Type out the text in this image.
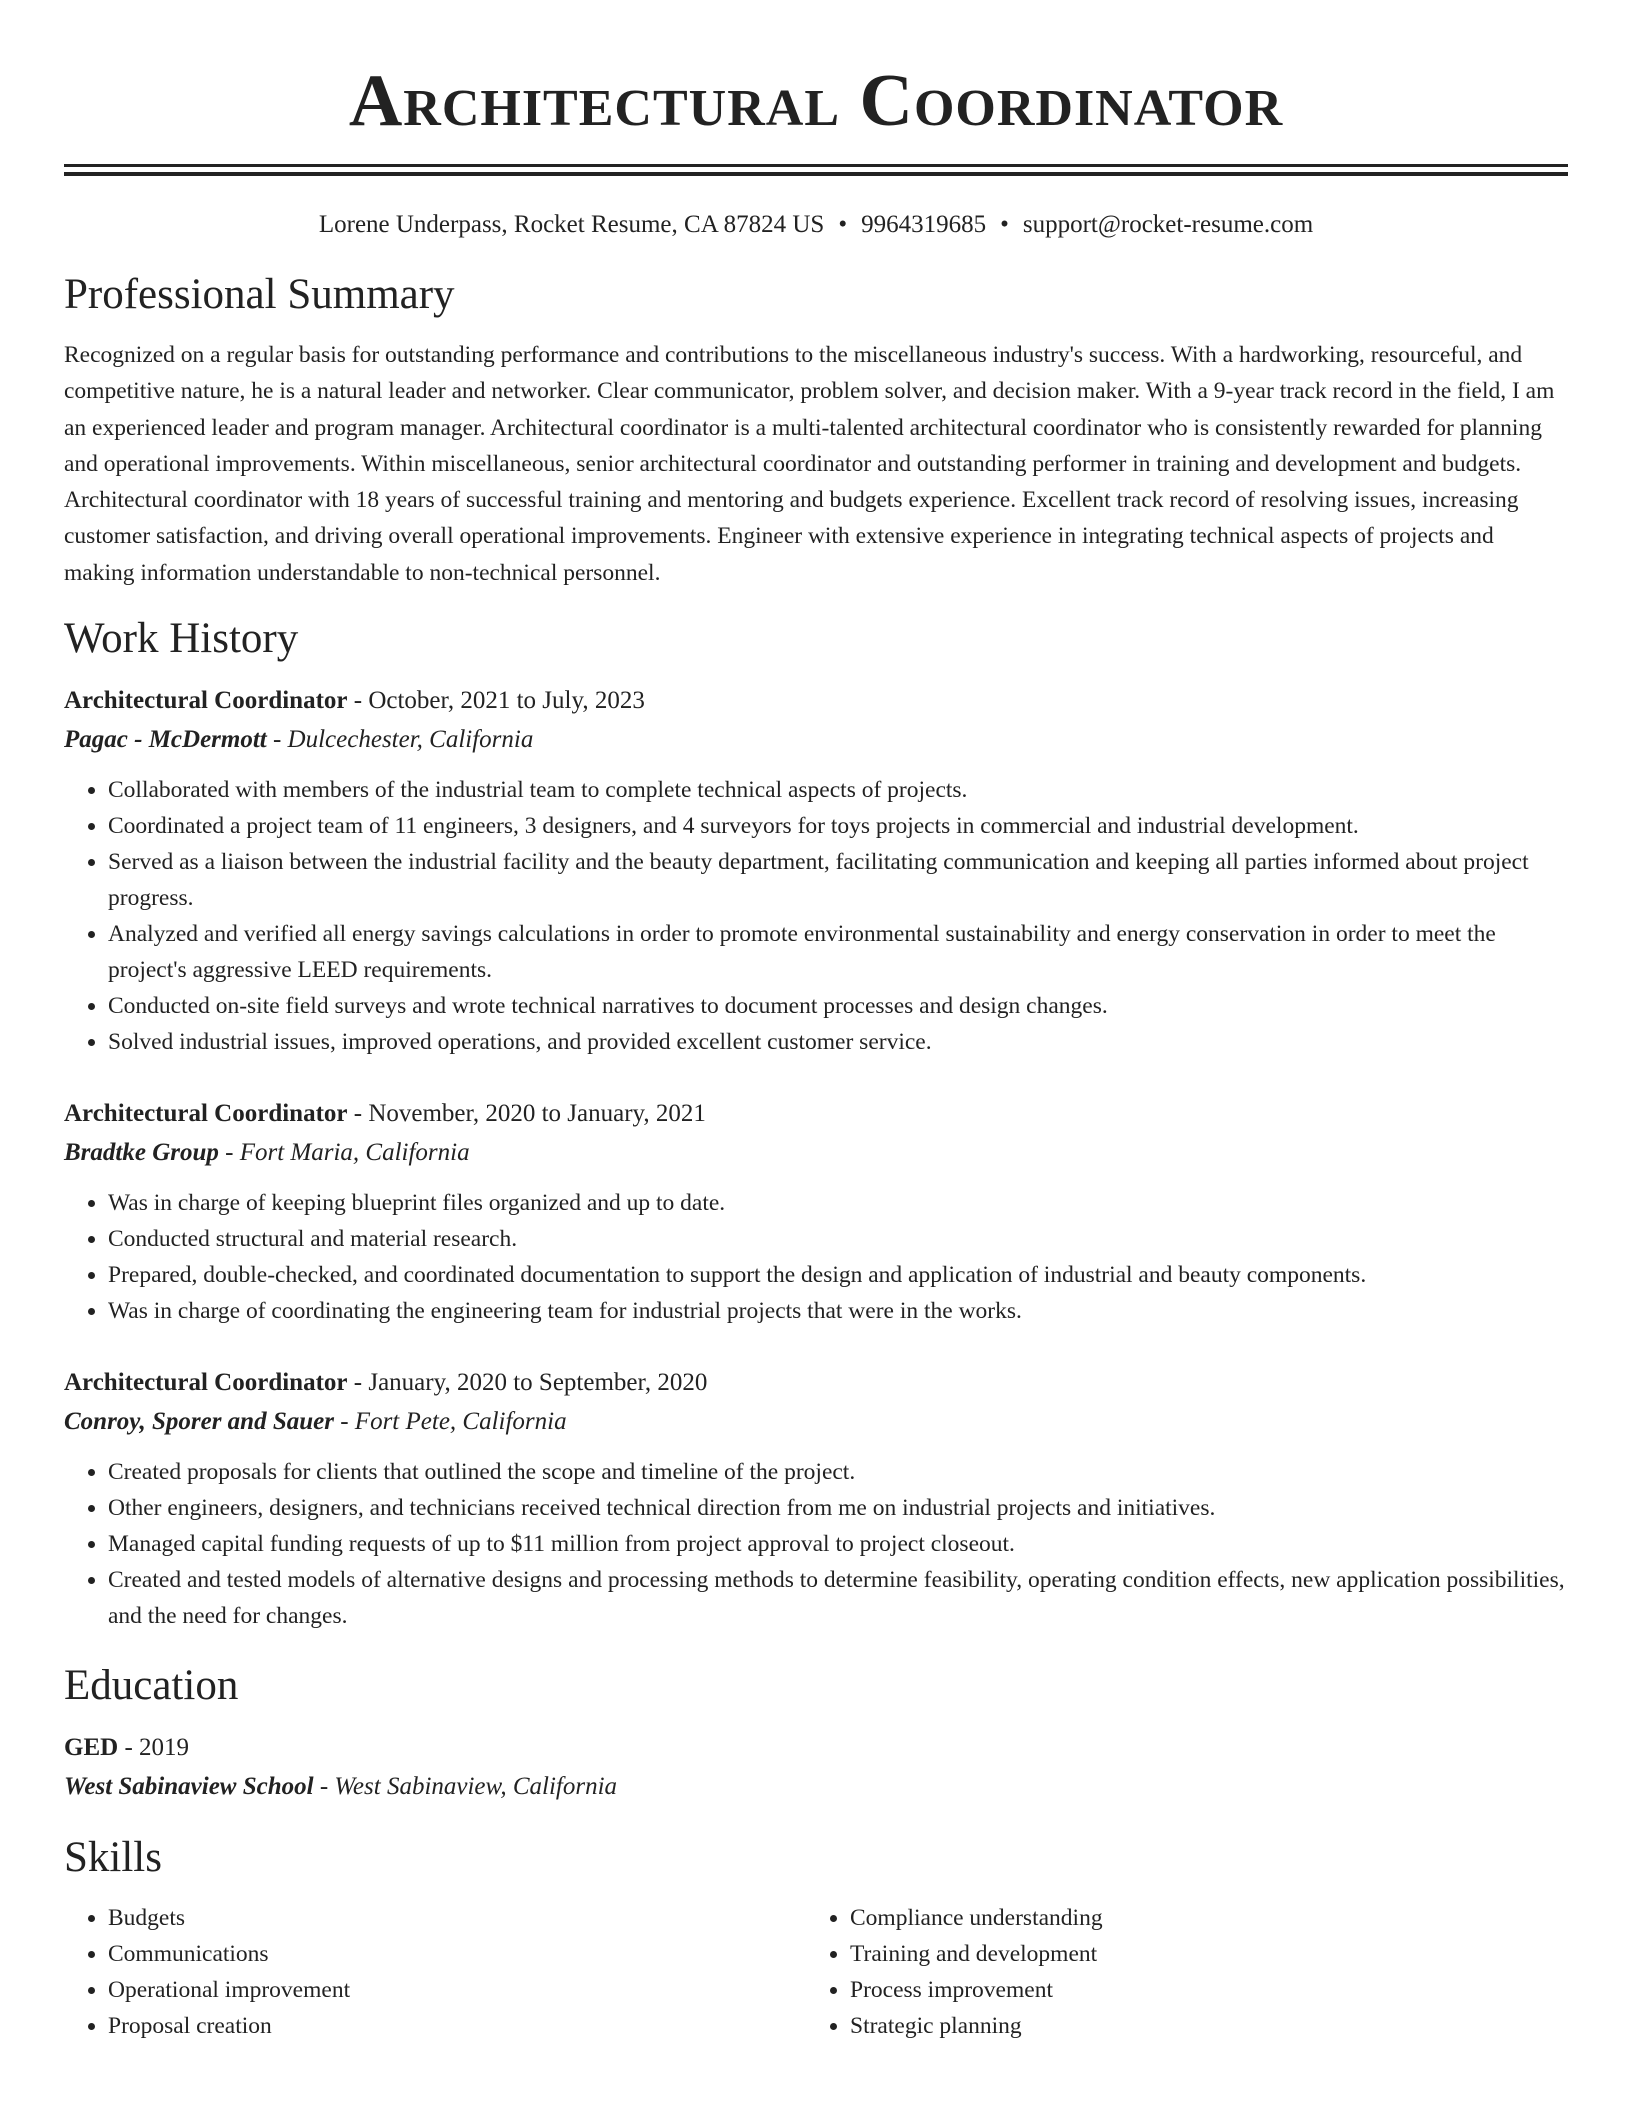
Architectural Coordinator
Lorene Underpass, Rocket Resume, CA 87824 US • 9964319685 • support@rocket-resume.com
Professional Summary

Recognized on a regular basis for outstanding performance and contributions to the miscellaneous industry's success. With a hardworking, resourceful, and competitive nature, he is a natural leader and networker. Clear communicator, problem solver, and decision maker. With a 9-year track record in the field, I am an experienced leader and program manager. Architectural coordinator is a multi-talented architectural coordinator who is consistently rewarded for planning and operational improvements. Within miscellaneous, senior architectural coordinator and outstanding performer in training and development and budgets. Architectural coordinator with 18 years of successful training and mentoring and budgets experience. Excellent track record of resolving issues, increasing customer satisfaction, and driving overall operational improvements. Engineer with extensive experience in integrating technical aspects of projects and making information understandable to non-technical personnel.

Work History
Architectural Coordinator - October, 2021 to July, 2023
Pagac - McDermott - Dulcechester, California
• Collaborated with members of the industrial team to complete technical aspects of projects.
• Coordinated a project team of 11 engineers, 3 designers, and 4 surveyors for toys projects in commercial and industrial development.
• Served as a liaison between the industrial facility and the beauty department, facilitating communication and keeping all parties informed about project progress.
• Analyzed and verified all energy savings calculations in order to promote environmental sustainability and energy conservation in order to meet the project's aggressive LEED requirements.
• Conducted on-site field surveys and wrote technical narratives to document processes and design changes.
• Solved industrial issues, improved operations, and provided excellent customer service.
Architectural Coordinator - November, 2020 to January, 2021
Bradtke Group - Fort Maria, California
• Was in charge of keeping blueprint files organized and up to date.
• Conducted structural and material research.
• Prepared, double-checked, and coordinated documentation to support the design and application of industrial and beauty components.
• Was in charge of coordinating the engineering team for industrial projects that were in the works.
Architectural Coordinator - January, 2020 to September, 2020
Conroy, Sporer and Sauer - Fort Pete, California
• Created proposals for clients that outlined the scope and timeline of the project.
• Other engineers, designers, and technicians received technical direction from me on industrial projects and initiatives.
• Managed capital funding requests of up to $11 million from project approval to project closeout.
• Created and tested models of alternative designs and processing methods to determine feasibility, operating condition effects, new application possibilities, and the need for changes.
Education
GED - 2019
West Sabinaview School - West Sabinaview, California
Skills
• Budgets
• Communications
• Operational improvement
• Proposal creation
• Compliance understanding
• Training and development
• Process improvement
• Strategic planning
